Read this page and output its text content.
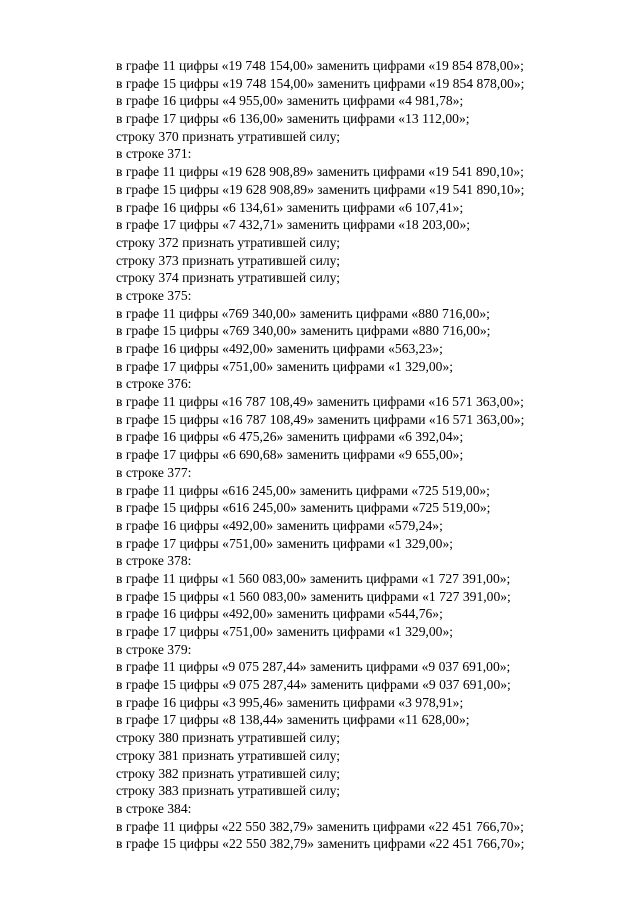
в графе 11 цифры «19 748 154,00» заменить цифрами «19 854 878,00»;
в графе 15 цифры «19 748 154,00» заменить цифрами «19 854 878,00»;
в графе 16 цифры «4 955,00» заменить цифрами «4 981,78»;
в графе 17 цифры «6 136,00» заменить цифрами «13 112,00»;
строку 370 признать утратившей силу;
в строке 371:
в графе 11 цифры «19 628 908,89» заменить цифрами «19 541 890,10»;
в графе 15 цифры «19 628 908,89» заменить цифрами «19 541 890,10»;
в графе 16 цифры «6 134,61» заменить цифрами «6 107,41»;
в графе 17 цифры «7 432,71» заменить цифрами «18 203,00»;
строку 372 признать утратившей силу;
строку 373 признать утратившей силу;
строку 374 признать утратившей силу;
в строке 375:
в графе 11 цифры «769 340,00» заменить цифрами «880 716,00»;
в графе 15 цифры «769 340,00» заменить цифрами «880 716,00»;
в графе 16 цифры «492,00» заменить цифрами «563,23»;
в графе 17 цифры «751,00» заменить цифрами «1 329,00»;
в строке 376:
в графе 11 цифры «16 787 108,49» заменить цифрами «16 571 363,00»;
в графе 15 цифры «16 787 108,49» заменить цифрами «16 571 363,00»;
в графе 16 цифры «6 475,26» заменить цифрами «6 392,04»;
в графе 17 цифры «6 690,68» заменить цифрами «9 655,00»;
в строке 377:
в графе 11 цифры «616 245,00» заменить цифрами «725 519,00»;
в графе 15 цифры «616 245,00» заменить цифрами «725 519,00»;
в графе 16 цифры «492,00» заменить цифрами «579,24»;
в графе 17 цифры «751,00» заменить цифрами «1 329,00»;
в строке 378:
в графе 11 цифры «1 560 083,00» заменить цифрами «1 727 391,00»;
в графе 15 цифры «1 560 083,00» заменить цифрами «1 727 391,00»;
в графе 16 цифры «492,00» заменить цифрами «544,76»;
в графе 17 цифры «751,00» заменить цифрами «1 329,00»;
в строке 379:
в графе 11 цифры «9 075 287,44» заменить цифрами «9 037 691,00»;
в графе 15 цифры «9 075 287,44» заменить цифрами «9 037 691,00»;
в графе 16 цифры «3 995,46» заменить цифрами «3 978,91»;
в графе 17 цифры «8 138,44» заменить цифрами «11 628,00»;
строку 380 признать утратившей силу;
строку 381 признать утратившей силу;
строку 382 признать утратившей силу;
строку 383 признать утратившей силу;
в строке 384:
в графе 11 цифры «22 550 382,79» заменить цифрами «22 451 766,70»;
в графе 15 цифры «22 550 382,79» заменить цифрами «22 451 766,70»;
